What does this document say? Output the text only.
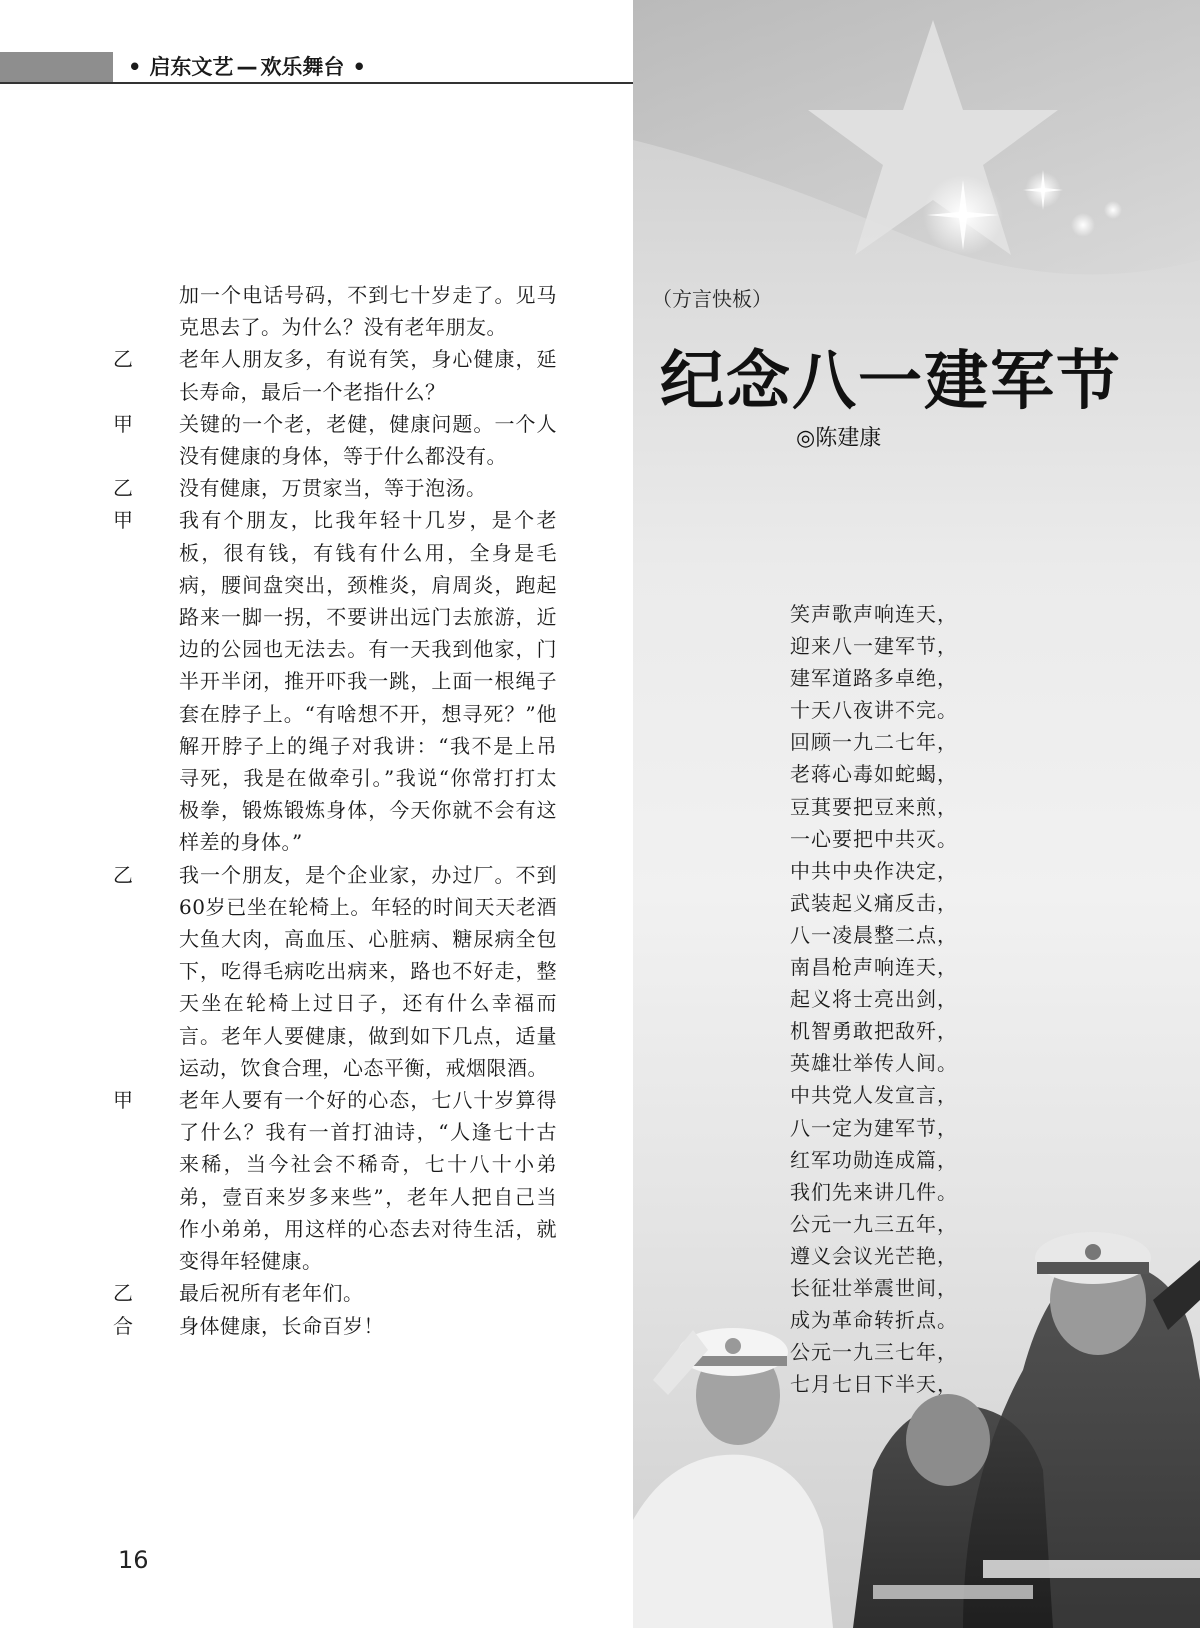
• 启东文艺 — 欢乐舞台 •
加一个电话号码，不到七十岁走了。见马克思去了。为什么？没有老年朋友。
乙	老年人朋友多，有说有笑，身心健康，延长寿命，最后一个老指什么？
甲	关键的一个老，老健，健康问题。一个人没有健康的身体，等于什么都没有。
乙	没有健康，万贯家当，等于泡汤。
甲	我有个朋友，比我年轻十几岁，是个老板，很有钱，有钱有什么用，全身是毛病，腰间盘突出，颈椎炎，肩周炎，跑起路来一脚一拐，不要讲出远门去旅游，近边的公园也无法去。有一天我到他家，门半开半闭，推开吓我一跳，上面一根绳子套在脖子上。“有啥想不开，想寻死？”他解开脖子上的绳子对我讲：“我不是上吊寻死，我是在做牵引。”我说“你常打打太极拳，锻炼锻炼身体，今天你就不会有这样差的身体。”
乙	我一个朋友，是个企业家，办过厂。不到60岁已坐在轮椅上。年轻的时间天天老酒大鱼大肉，高血压、心脏病、糖尿病全包下，吃得毛病吃出病来，路也不好走，整天坐在轮椅上过日子，还有什么幸福而言。老年人要健康，做到如下几点，适量运动，饮食合理，心态平衡，戒烟限酒。
甲	老年人要有一个好的心态，七八十岁算得了什么？我有一首打油诗，“人逢七十古来稀，当今社会不稀奇，七十八十小弟弟，壹百来岁多来些”，老年人把自己当作小弟弟，用这样的心态去对待生活，就变得年轻健康。
乙	最后祝所有老年们。
合	身体健康，长命百岁！
16
（方言快板）
纪念八一建军节
◎陈建康
笑声歌声响连天，
迎来八一建军节，
建军道路多卓绝，
十天八夜讲不完。
回顾一九二七年，
老蒋心毒如蛇蝎，
豆萁要把豆来煎，
一心要把中共灭。
中共中央作决定，
武装起义痛反击，
八一凌晨整二点，
南昌枪声响连天，
起义将士亮出剑，
机智勇敢把敌歼，
英雄壮举传人间。
中共党人发宣言，
八一定为建军节，
红军功勋连成篇，
我们先来讲几件。
公元一九三五年，
遵义会议光芒艳，
长征壮举震世间，
成为革命转折点。
公元一九三七年，
七月七日下半天，
